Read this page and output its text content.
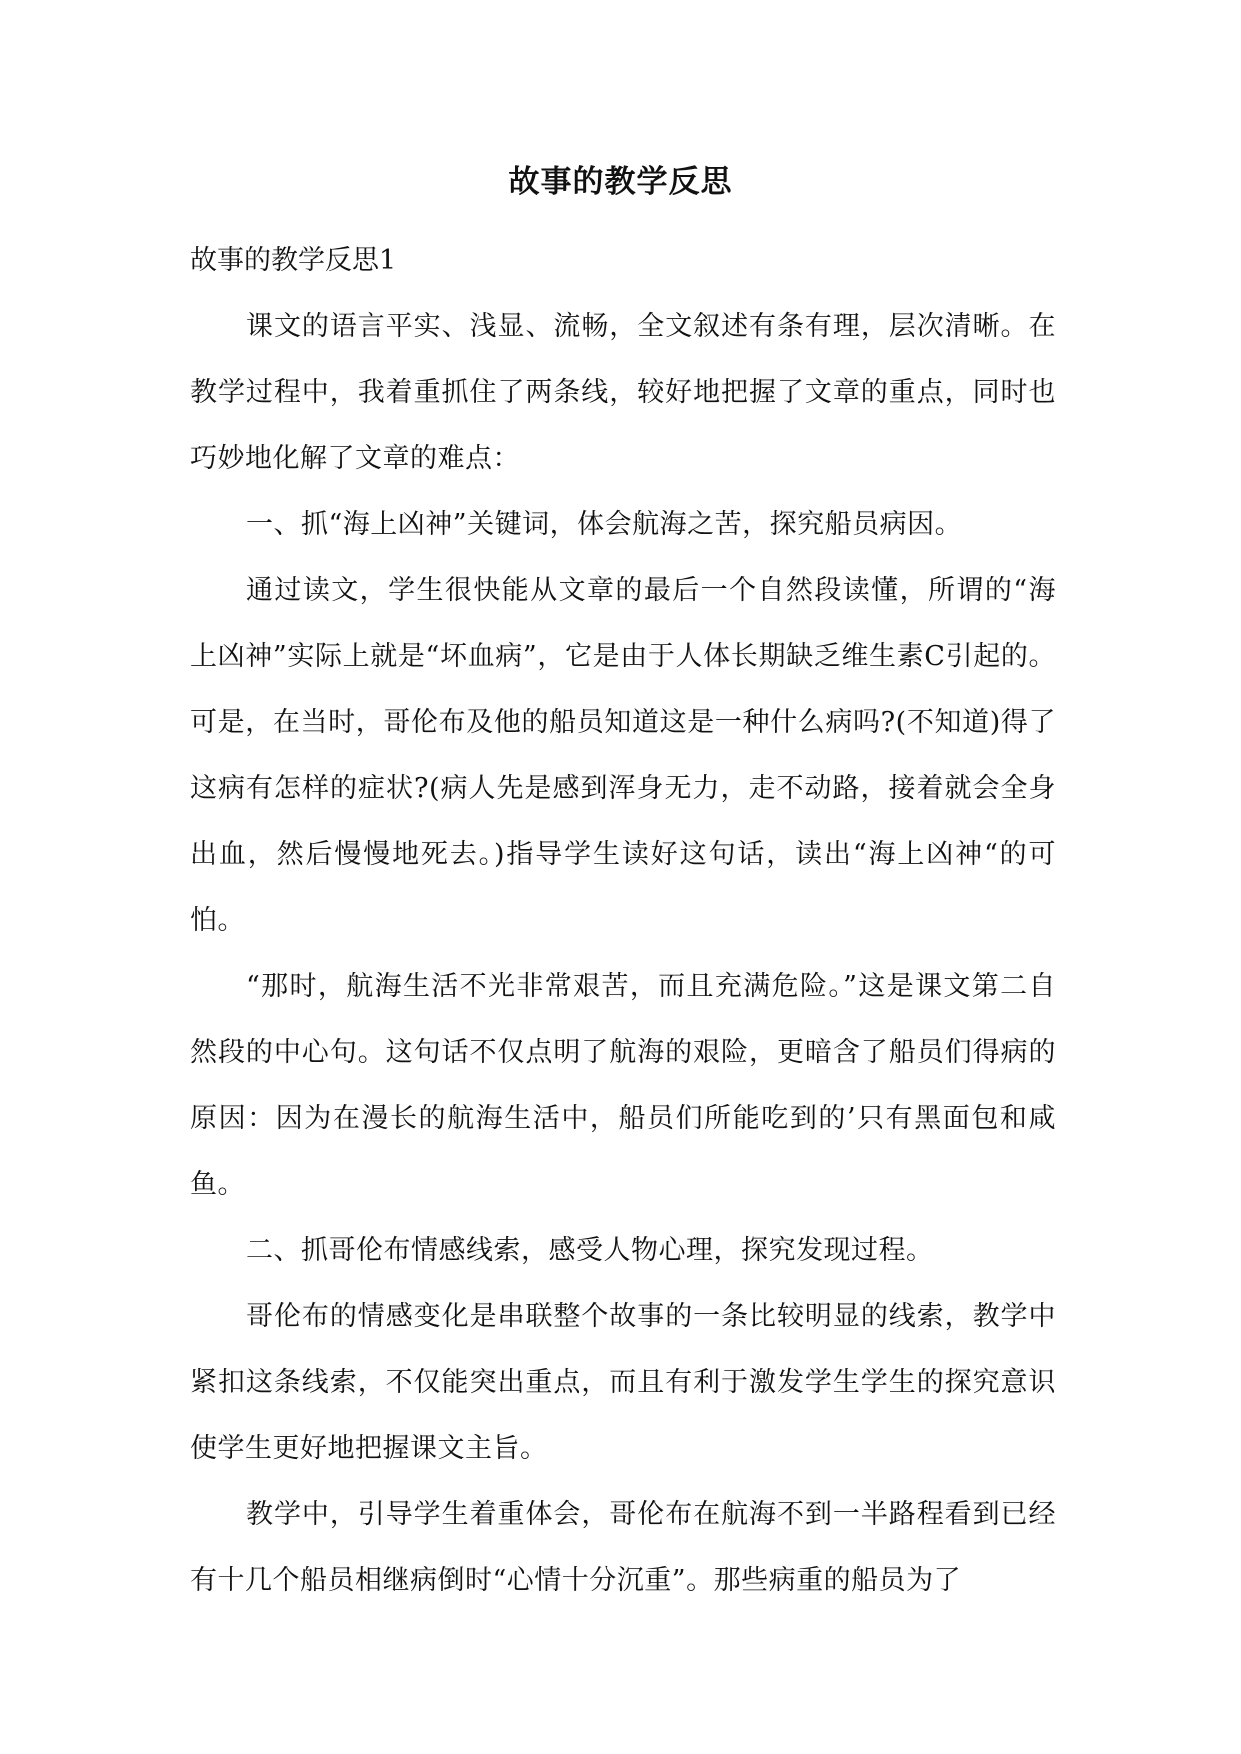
故事的教学反思

故事的教学反思1

课文的语言平实、浅显、流畅，全文叙述有条有理，层次清晰。在教学过程中，我着重抓住了两条线，较好地把握了文章的重点，同时也巧妙地化解了文章的难点：

一、抓“海上凶神”关键词，体会航海之苦，探究船员病因。

通过读文，学生很快能从文章的最后一个自然段读懂，所谓的“海上凶神”实际上就是“坏血病”，它是由于人体长期缺乏维生素C引起的。可是，在当时，哥伦布及他的船员知道这是一种什么病吗?(不知道)得了这病有怎样的症状?(病人先是感到浑身无力，走不动路，接着就会全身出血，然后慢慢地死去。)指导学生读好这句话，读出“海上凶神“的可怕。

“那时，航海生活不光非常艰苦，而且充满危险。”这是课文第二自然段的中心句。这句话不仅点明了航海的艰险，更暗含了船员们得病的原因：因为在漫长的航海生活中，船员们所能吃到的’只有黑面包和咸鱼。

二、抓哥伦布情感线索，感受人物心理，探究发现过程。

哥伦布的情感变化是串联整个故事的一条比较明显的线索，教学中紧扣这条线索，不仅能突出重点，而且有利于激发学生学生的探究意识使学生更好地把握课文主旨。

教学中，引导学生着重体会，哥伦布在航海不到一半路程看到已经有十几个船员相继病倒时“心情十分沉重”。那些病重的船员为了
